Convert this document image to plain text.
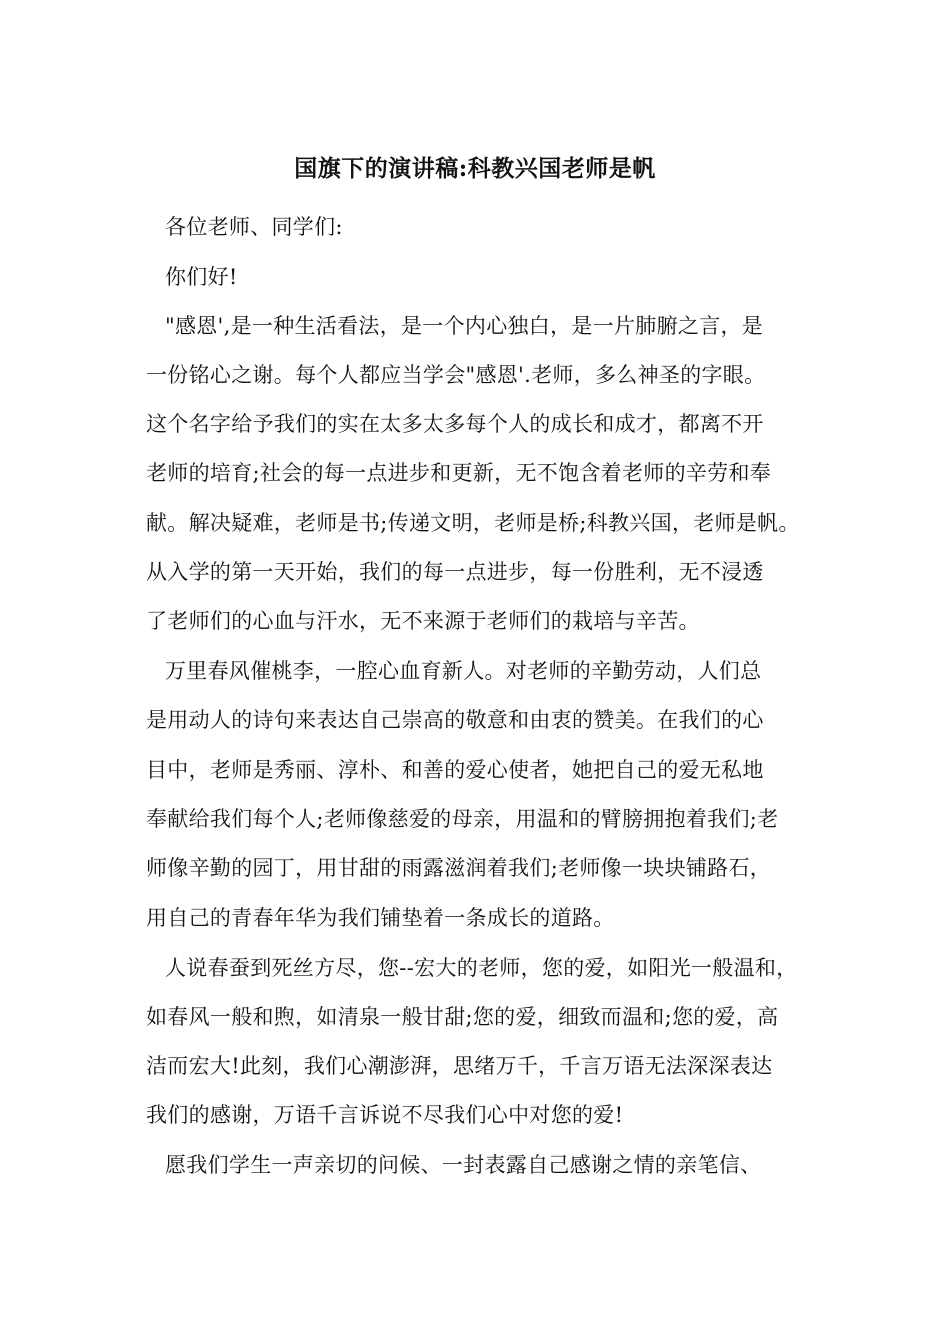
国旗下的演讲稿:科教兴国老师是帆
各位老师、同学们:
你们好!
"感恩',是一种生活看法，是一个内心独白，是一片肺腑之言，是
一份铭心之谢。每个人都应当学会"感恩'.老师，多么神圣的字眼。
这个名字给予我们的实在太多太多每个人的成长和成才，都离不开
老师的培育;社会的每一点进步和更新，无不饱含着老师的辛劳和奉
献。解决疑难，老师是书;传递文明，老师是桥;科教兴国，老师是帆。
从入学的第一天开始，我们的每一点进步，每一份胜利，无不浸透
了老师们的心血与汗水，无不来源于老师们的栽培与辛苦。
万里春风催桃李，一腔心血育新人。对老师的辛勤劳动，人们总
是用动人的诗句来表达自己崇高的敬意和由衷的赞美。在我们的心
目中，老师是秀丽、淳朴、和善的爱心使者，她把自己的爱无私地
奉献给我们每个人;老师像慈爱的母亲，用温和的臂膀拥抱着我们;老
师像辛勤的园丁，用甘甜的雨露滋润着我们;老师像一块块铺路石，
用自己的青春年华为我们铺垫着一条成长的道路。
人说春蚕到死丝方尽，您--宏大的老师，您的爱，如阳光一般温和，
如春风一般和煦，如清泉一般甘甜;您的爱，细致而温和;您的爱，高
洁而宏大!此刻，我们心潮澎湃，思绪万千，千言万语无法深深表达
我们的感谢，万语千言诉说不尽我们心中对您的爱!
愿我们学生一声亲切的问候、一封表露自己感谢之情的亲笔信、
